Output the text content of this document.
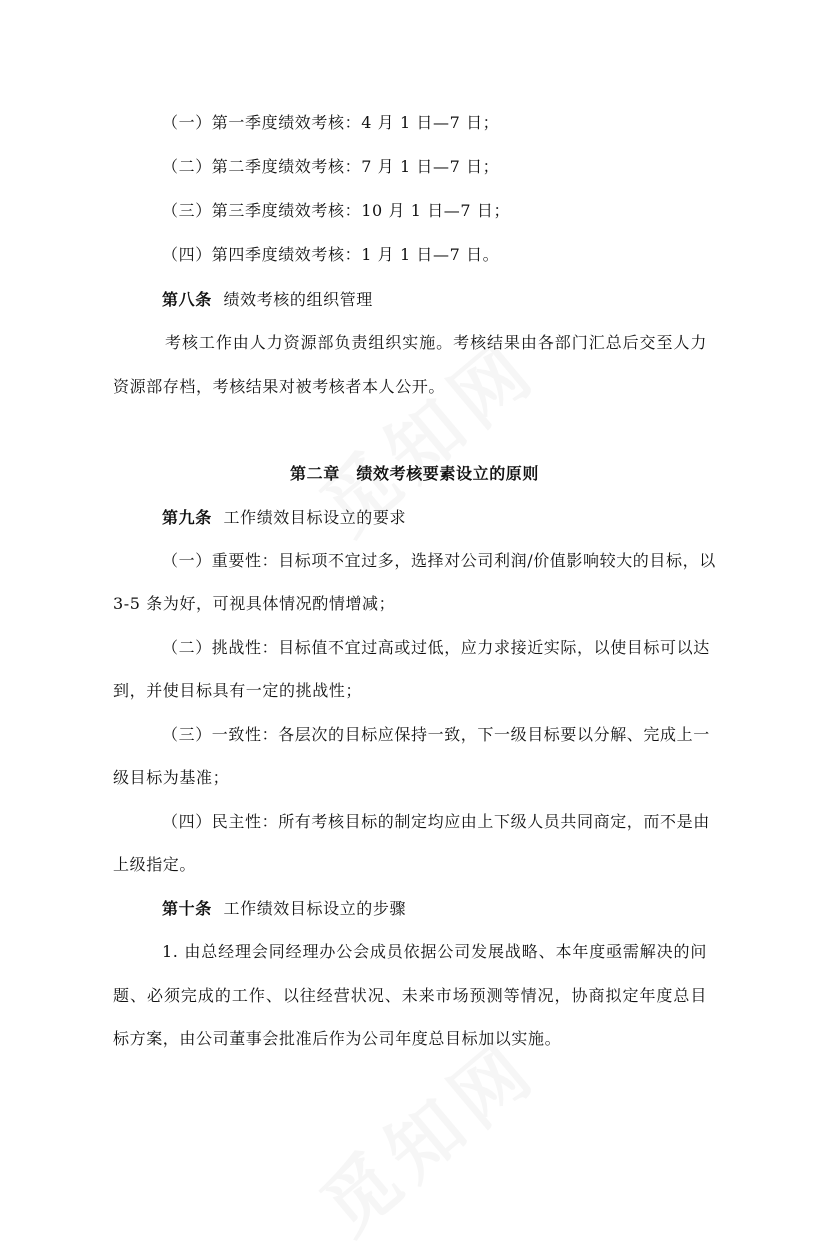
（一）第一季度绩效考核：4 月 1 日—7 日；
（二）第二季度绩效考核：7 月 1 日—7 日；
（三）第三季度绩效考核：10 月 1 日—7 日；
（四）第四季度绩效考核：1 月 1 日—7 日。
第八条 绩效考核的组织管理
考核工作由人力资源部负责组织实施。考核结果由各部门汇总后交至人力
资源部存档，考核结果对被考核者本人公开。
第二章　绩效考核要素设立的原则
第九条 工作绩效目标设立的要求
（一）重要性：目标项不宜过多，选择对公司利润/价值影响较大的目标，以
3-5 条为好，可视具体情况酌情增减；
（二）挑战性：目标值不宜过高或过低，应力求接近实际，以使目标可以达
到，并使目标具有一定的挑战性；
（三）一致性：各层次的目标应保持一致，下一级目标要以分解、完成上一
级目标为基准；
（四）民主性：所有考核目标的制定均应由上下级人员共同商定，而不是由
上级指定。
第十条 工作绩效目标设立的步骤
1. 由总经理会同经理办公会成员依据公司发展战略、本年度亟需解决的问
题、必须完成的工作、以往经营状况、未来市场预测等情况，协商拟定年度总目
标方案，由公司董事会批准后作为公司年度总目标加以实施。
